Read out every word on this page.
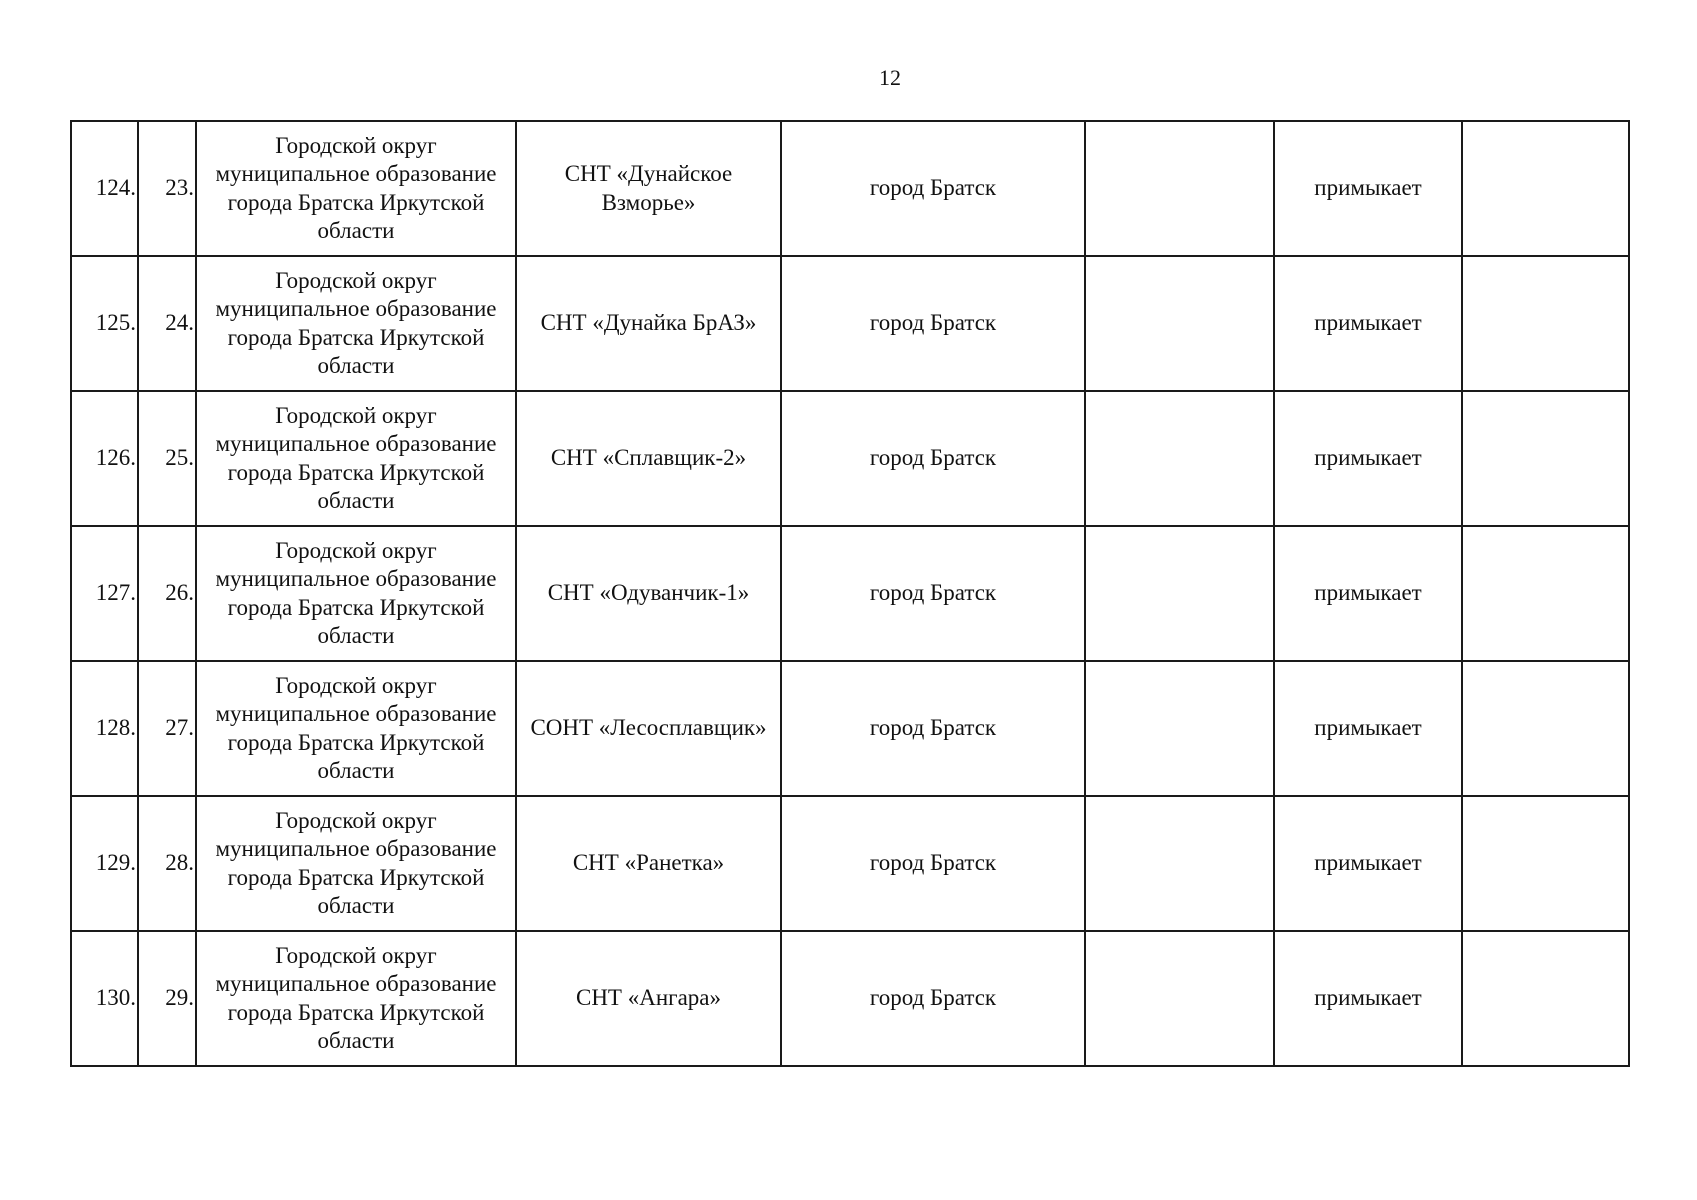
12
124.	23.	Городской округ муниципальное образование города Братска Иркутской области	СНТ «Дунайское Взморье»	город Братск		примыкает	
125.	24.	Городской округ муниципальное образование города Братска Иркутской области	СНТ «Дунайка БрАЗ»	город Братск		примыкает	
126.	25.	Городской округ муниципальное образование города Братска Иркутской области	СНТ «Сплавщик-2»	город Братск		примыкает	
127.	26.	Городской округ муниципальное образование города Братска Иркутской области	СНТ «Одуванчик-1»	город Братск		примыкает	
128.	27.	Городской округ муниципальное образование города Братска Иркутской области	СОНТ «Лесосплавщик»	город Братск		примыкает	
129.	28.	Городской округ муниципальное образование города Братска Иркутской области	СНТ «Ранетка»	город Братск		примыкает	
130.	29.	Городской округ муниципальное образование города Братска Иркутской области	СНТ «Ангара»	город Братск		примыкает	
